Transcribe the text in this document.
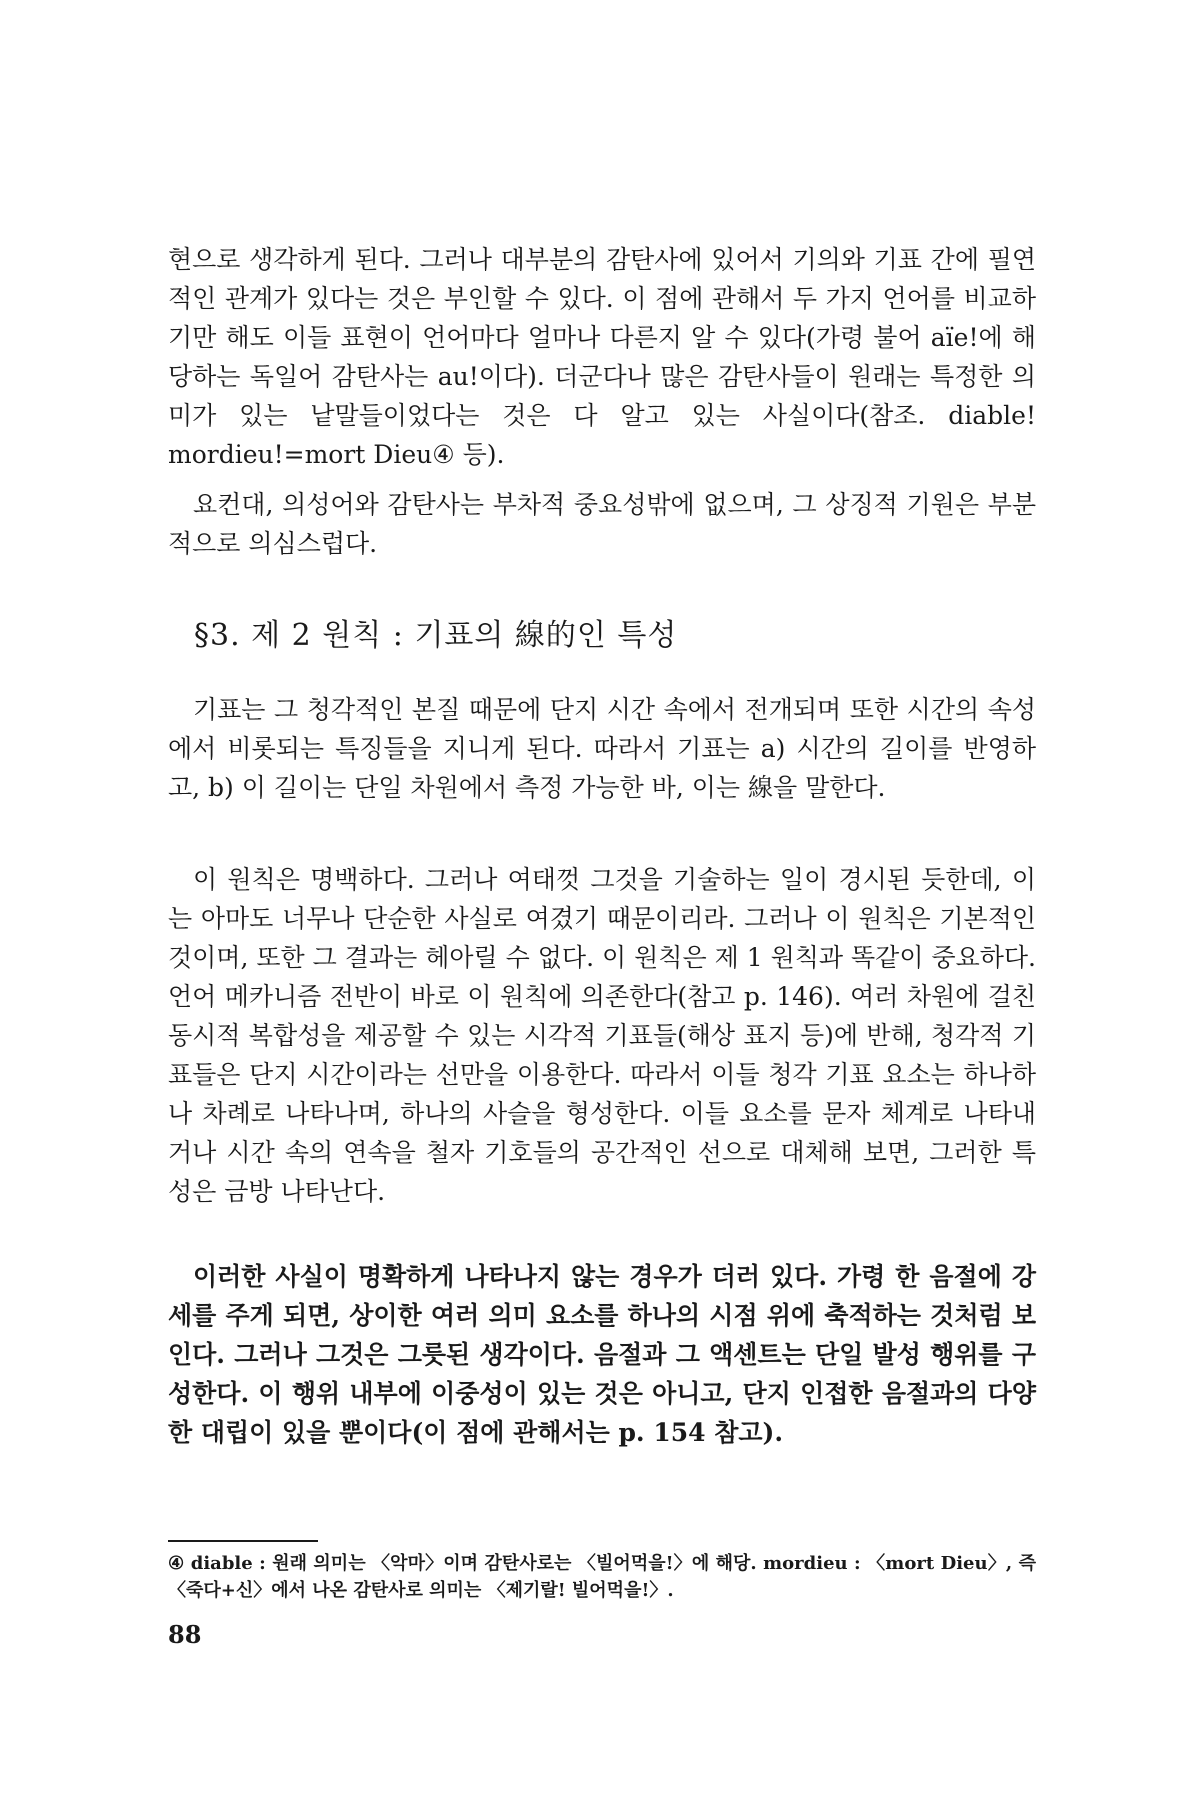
현으로 생각하게 된다. 그러나 대부분의 감탄사에 있어서 기의와 기표 간에 필연적인 관계가 있다는 것은 부인할 수 있다. 이 점에 관해서 두 가지 언어를 비교하기만 해도 이들 표현이 언어마다 얼마나 다른지 알 수 있다(가령 불어 aïe!에 해당하는 독일어 감탄사는 au!이다). 더군다나 많은 감탄사들이 원래는 특정한 의미가 있는 낱말들이었다는 것은 다 알고 있는 사실이다(참조. diable! mordieu!=mort Dieu④ 등).

요컨대, 의성어와 감탄사는 부차적 중요성밖에 없으며, 그 상징적 기원은 부분적으로 의심스럽다.

§3. 제 2 원칙 : 기표의 線的인 특성

기표는 그 청각적인 본질 때문에 단지 시간 속에서 전개되며 또한 시간의 속성에서 비롯되는 특징들을 지니게 된다. 따라서 기표는 a) 시간의 길이를 반영하고, b) 이 길이는 단일 차원에서 측정 가능한 바, 이는 線을 말한다.

이 원칙은 명백하다. 그러나 여태껏 그것을 기술하는 일이 경시된 듯한데, 이는 아마도 너무나 단순한 사실로 여겼기 때문이리라. 그러나 이 원칙은 기본적인 것이며, 또한 그 결과는 헤아릴 수 없다. 이 원칙은 제 1 원칙과 똑같이 중요하다. 언어 메카니즘 전반이 바로 이 원칙에 의존한다(참고 p. 146). 여러 차원에 걸친 동시적 복합성을 제공할 수 있는 시각적 기표들(해상 표지 등)에 반해, 청각적 기표들은 단지 시간이라는 선만을 이용한다. 따라서 이들 청각 기표 요소는 하나하나 차례로 나타나며, 하나의 사슬을 형성한다. 이들 요소를 문자 체계로 나타내거나 시간 속의 연속을 철자 기호들의 공간적인 선으로 대체해 보면, 그러한 특성은 금방 나타난다.

이러한 사실이 명확하게 나타나지 않는 경우가 더러 있다. 가령 한 음절에 강세를 주게 되면, 상이한 여러 의미 요소를 하나의 시점 위에 축적하는 것처럼 보인다. 그러나 그것은 그릇된 생각이다. 음절과 그 액센트는 단일 발성 행위를 구성한다. 이 행위 내부에 이중성이 있는 것은 아니고, 단지 인접한 음절과의 다양한 대립이 있을 뿐이다(이 점에 관해서는 p. 154 참고).

④ diable : 원래 의미는 〈악마〉이며 감탄사로는 〈빌어먹을!〉에 해당. mordieu : 〈mort Dieu〉, 즉 〈죽다+신〉에서 나온 감탄사로 의미는 〈제기랄! 빌어먹을!〉.

88
